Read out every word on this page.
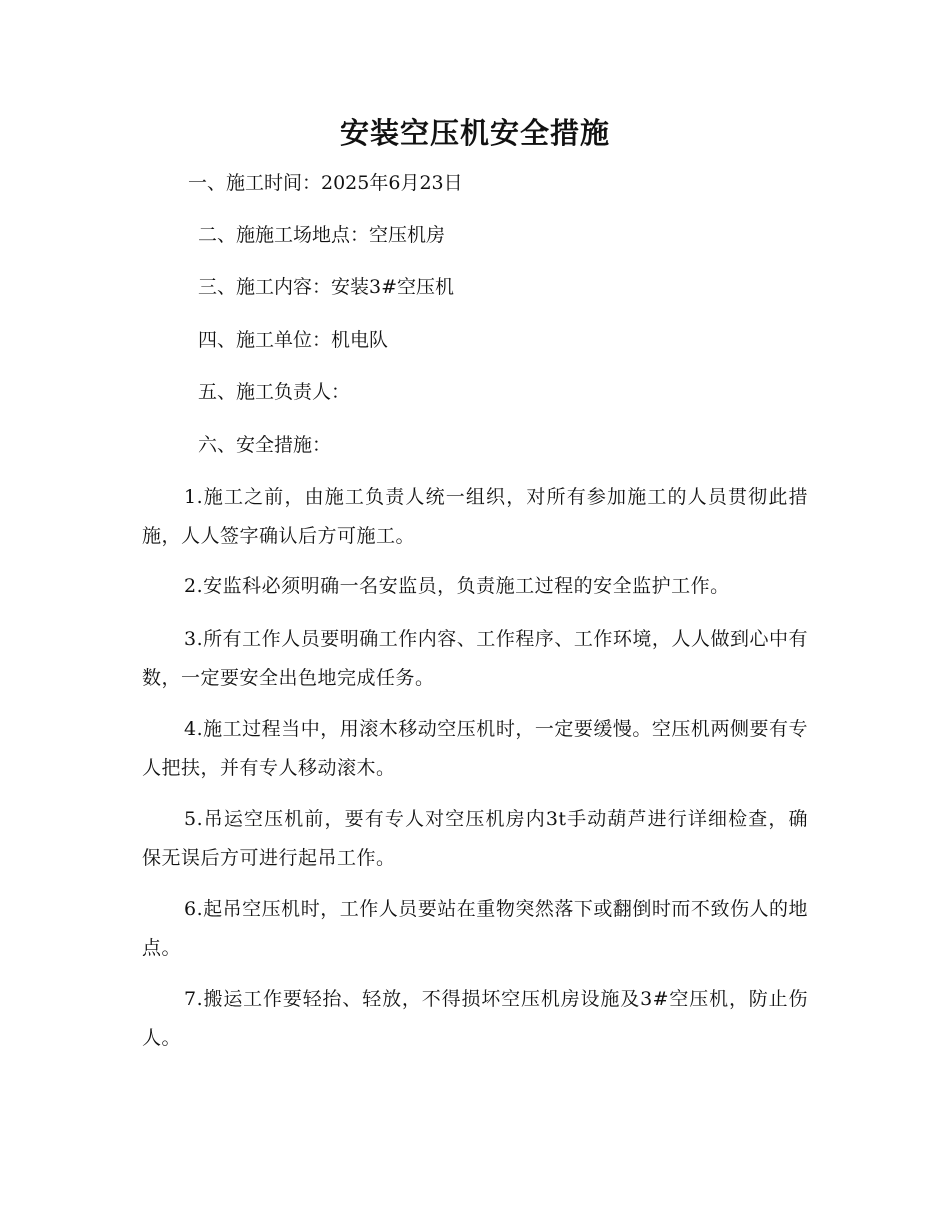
安装空压机安全措施
一、施工时间：2025年6月23日
二、施施工场地点：空压机房
三、施工内容：安装3#空压机
四、施工单位：机电队
五、施工负责人：
六、安全措施：
1.施工之前，由施工负责人统一组织，对所有参加施工的人员贯彻此措施，人人签字确认后方可施工。
2.安监科必须明确一名安监员，负责施工过程的安全监护工作。
3.所有工作人员要明确工作内容、工作程序、工作环境，人人做到心中有数，一定要安全出色地完成任务。
4.施工过程当中，用滚木移动空压机时，一定要缓慢。空压机两侧要有专人把扶，并有专人移动滚木。
5.吊运空压机前，要有专人对空压机房内3t手动葫芦进行详细检查，确保无误后方可进行起吊工作。
6.起吊空压机时，工作人员要站在重物突然落下或翻倒时而不致伤人的地点。
7.搬运工作要轻抬、轻放，不得损坏空压机房设施及3#空压机，防止伤人。
